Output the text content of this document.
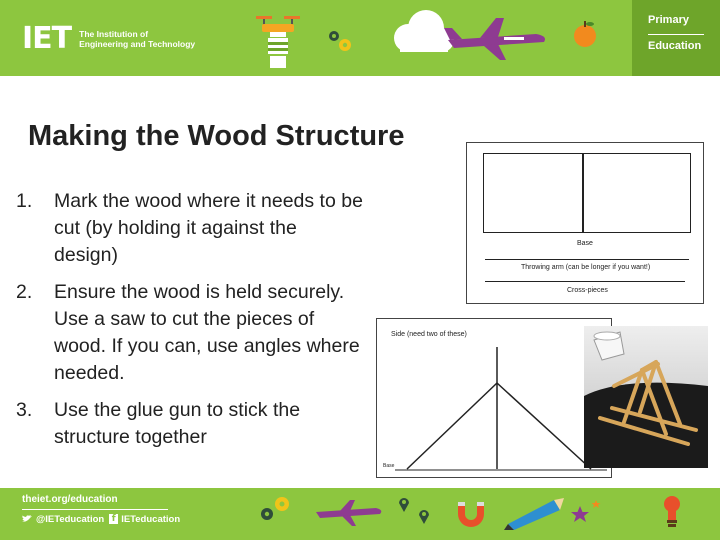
IET The Institution of
Engineering and Technology
Primary
Education
Making the Wood Structure
1.	Mark the wood where it needs to be cut (by holding it against the design)
2.	Ensure the wood is held securely. Use a saw to cut the pieces of wood. If you can, use angles where needed.
3.	Use the glue gun to stick the structure together
Base
Throwing arm (can be longer if you want!)
Cross-pieces
Side (need two of these)
Base
theiet.org/education
@IETeducation f IETeducation
